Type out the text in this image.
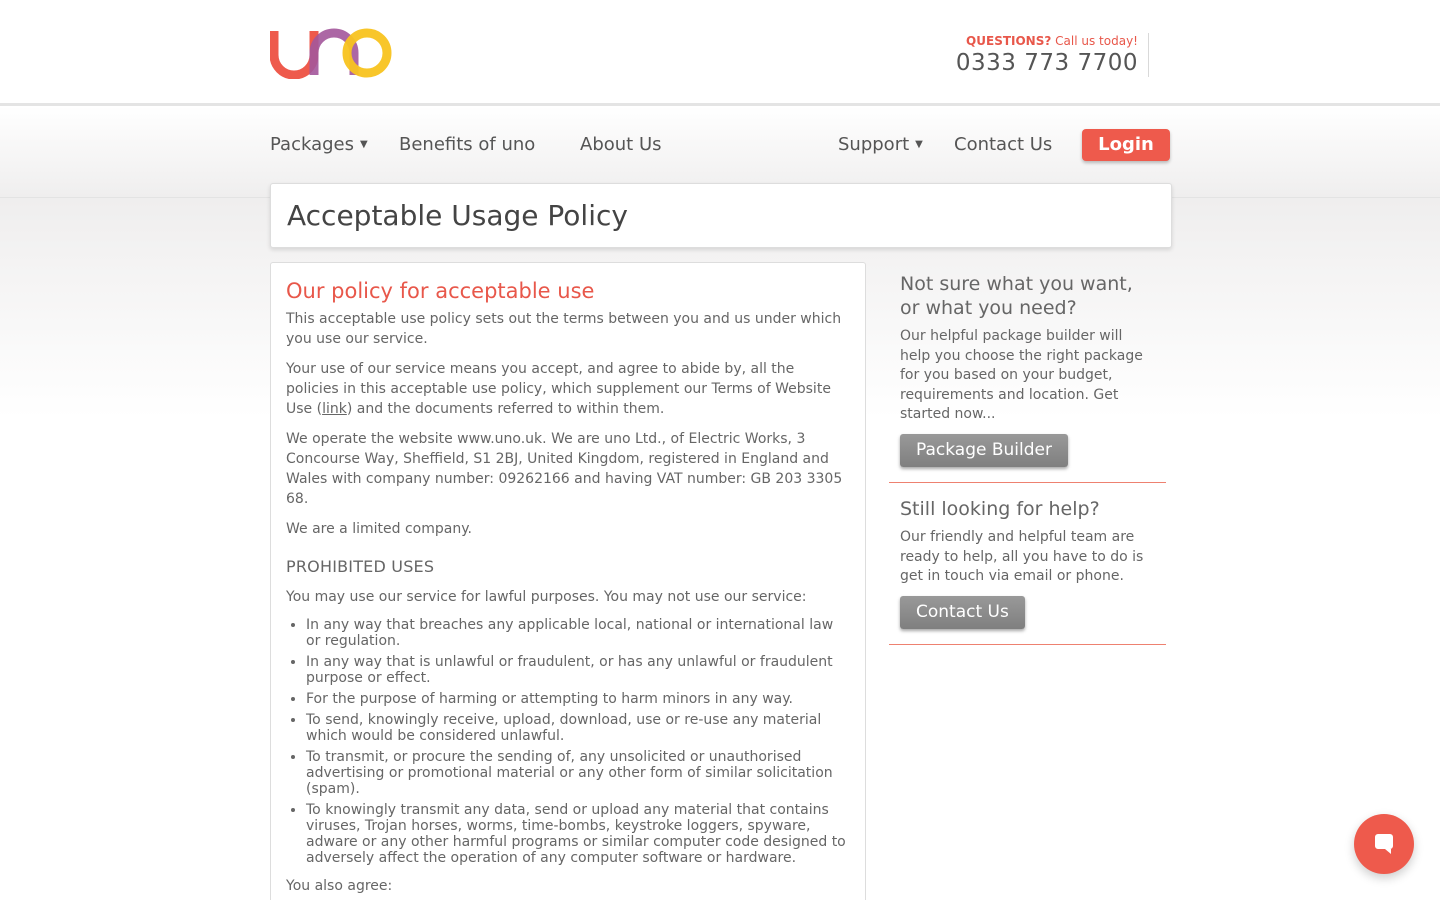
QUESTIONS? Call us today!
0333 773 7700
Packages ▼ Benefits of uno About Us	Support ▼ Contact Us	Login
Acceptable Usage Policy
Our policy for acceptable use

This acceptable use policy sets out the terms between you and us under which you use our service.

Your use of our service means you accept, and agree to abide by, all the policies in this acceptable use policy, which supplement our Terms of Website Use (link) and the documents referred to within them.

We operate the website www.uno.uk. We are uno Ltd., of Electric Works, 3 Concourse Way, Sheffield, S1 2BJ, United Kingdom, registered in England and Wales with company number: 09262166 and having VAT number: GB 203 3305 68.

We are a limited company.

PROHIBITED USES

You may use our service for lawful purposes. You may not use our service:

• In any way that breaches any applicable local, national or international law or regulation.
• In any way that is unlawful or fraudulent, or has any unlawful or fraudulent purpose or effect.
• For the purpose of harming or attempting to harm minors in any way.
• To send, knowingly receive, upload, download, use or re-use any material which would be considered unlawful.
• To transmit, or procure the sending of, any unsolicited or unauthorised advertising or promotional material or any other form of similar solicitation (spam).
• To knowingly transmit any data, send or upload any material that contains viruses, Trojan horses, worms, time-bombs, keystroke loggers, spyware, adware or any other harmful programs or similar computer code designed to adversely affect the operation of any computer software or hardware.

You also agree:

Not sure what you want, or what you need?

Our helpful package builder will help you choose the right package for you based on your budget, requirements and location. Get started now...

Package Builder
Still looking for help?

Our friendly and helpful team are ready to help, all you have to do is get in touch via email or phone.

Contact Us
